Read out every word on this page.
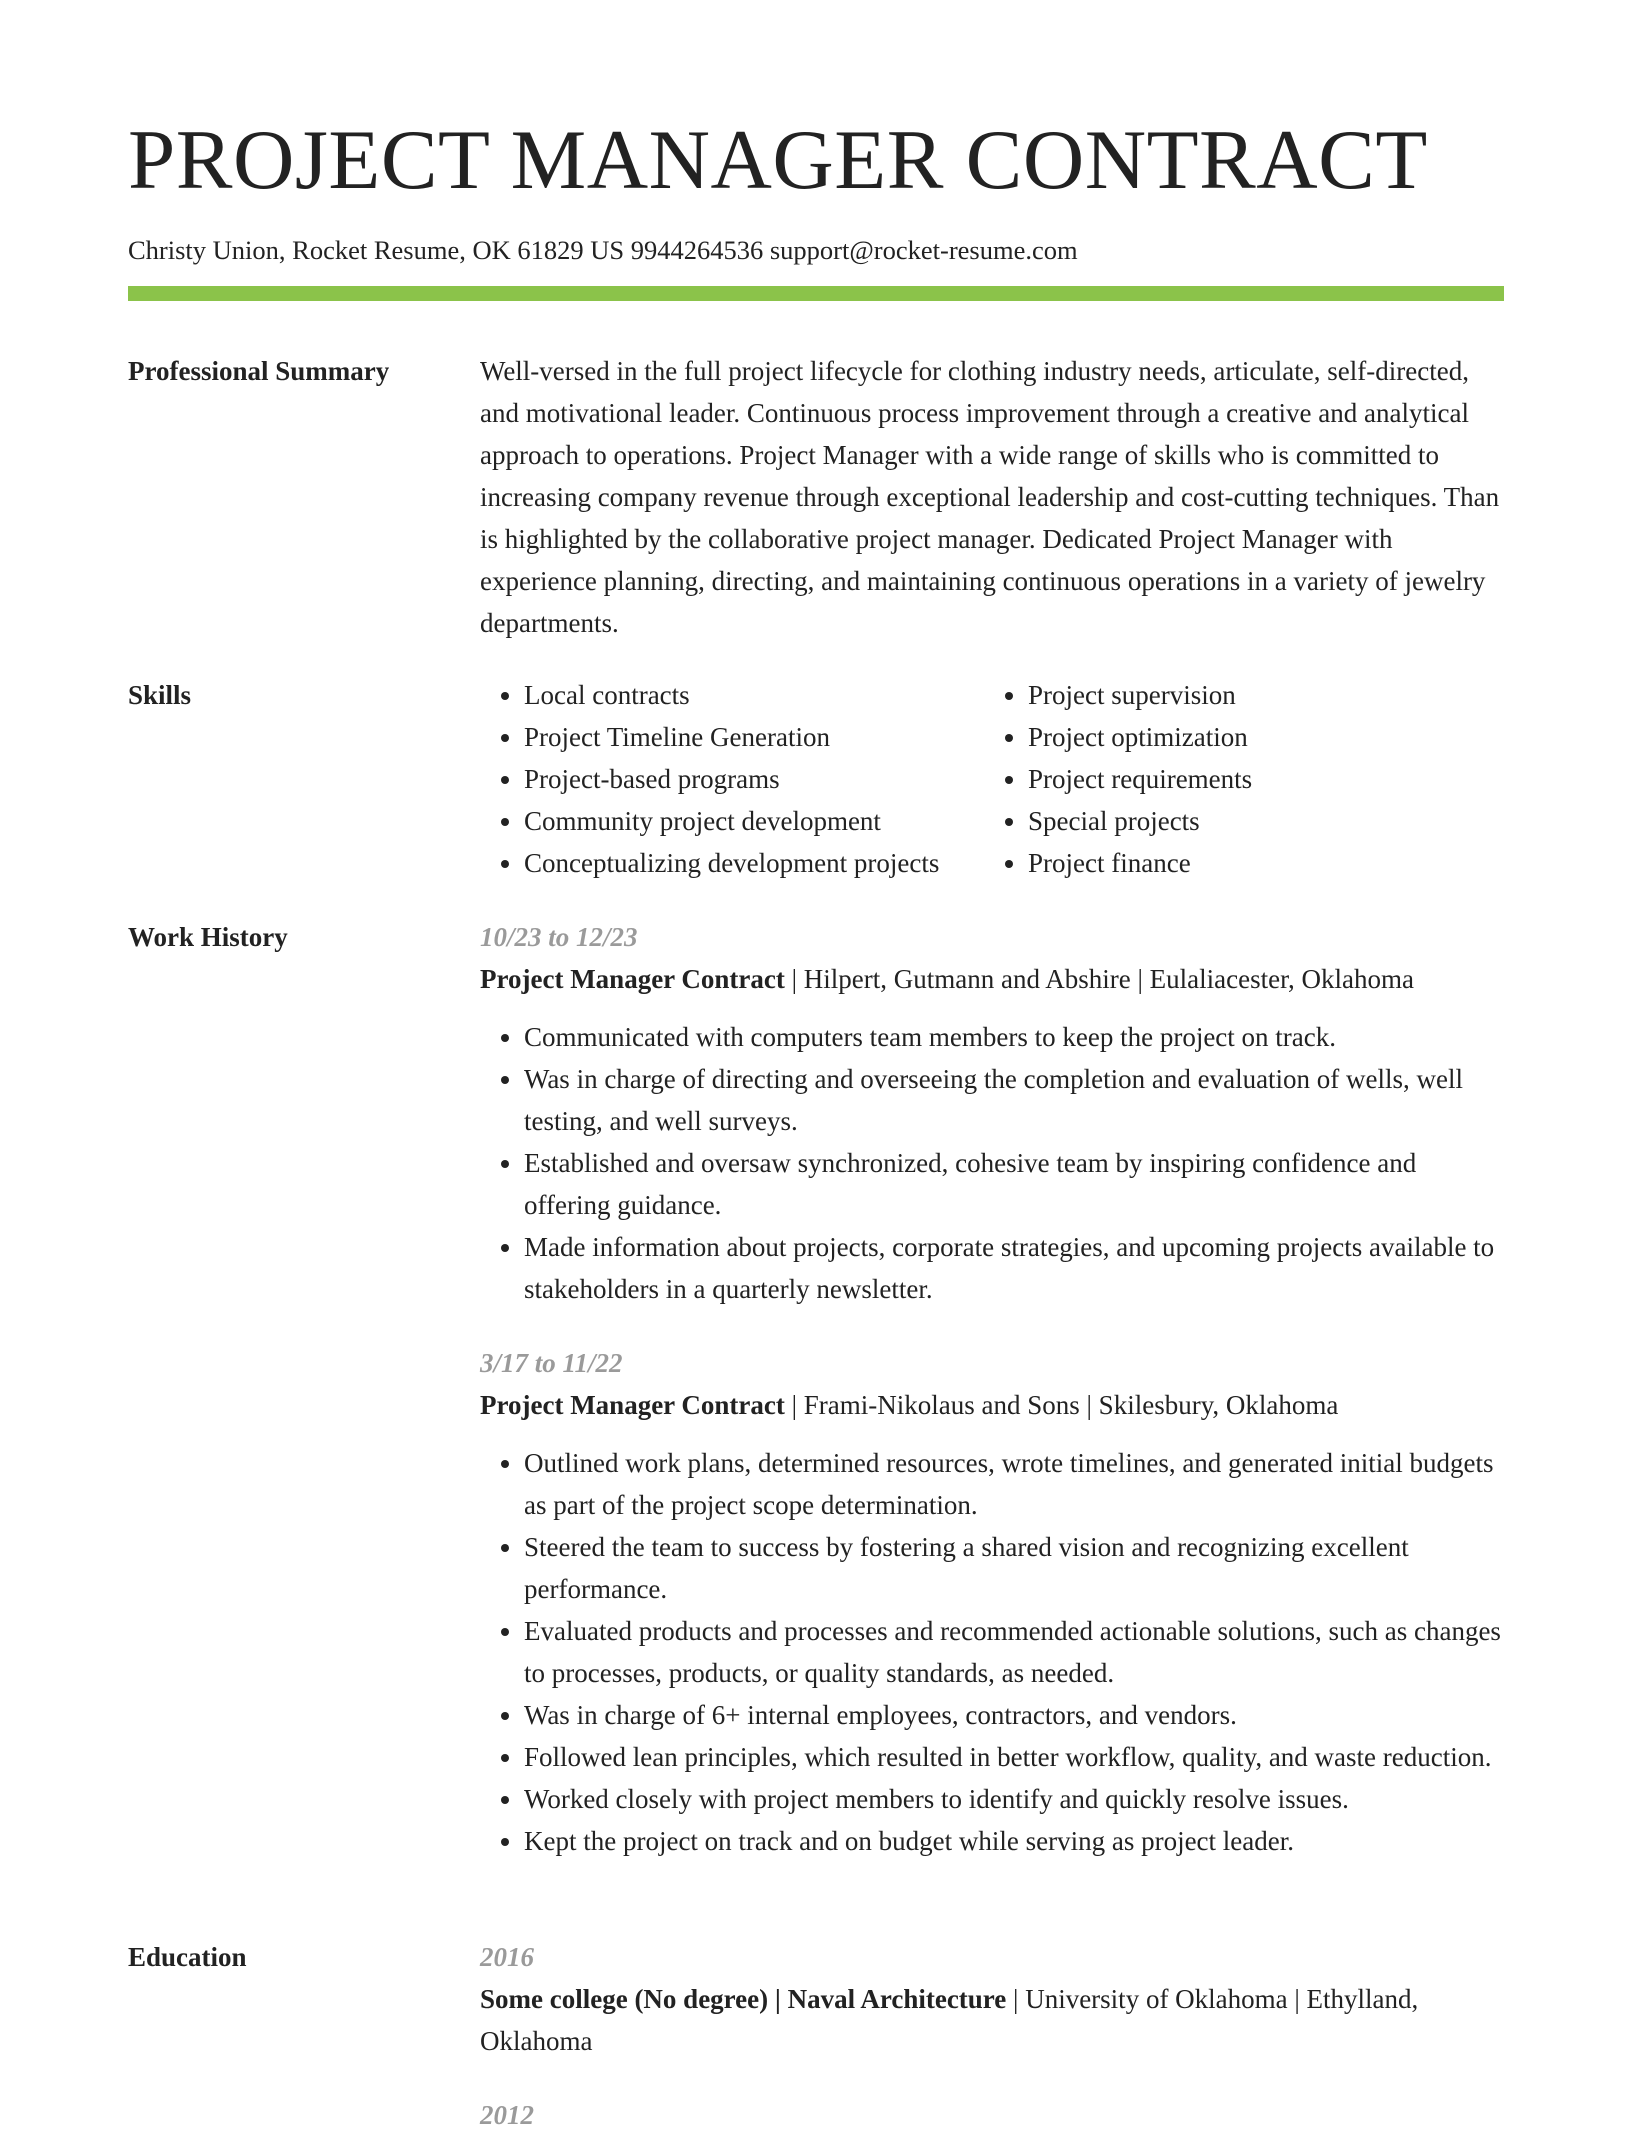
PROJECT MANAGER CONTRACT
Christy Union, Rocket Resume, OK 61829 US 9944264536 support@rocket-resume.com
Professional Summary	Well-versed in the full project lifecycle for clothing industry needs, articulate, self-directed, and motivational leader. Continuous process improvement through a creative and analytical approach to operations. Project Manager with a wide range of skills who is committed to increasing company revenue through exceptional leadership and cost-cutting techniques. Than is highlighted by the collaborative project manager. Dedicated Project Manager with experience planning, directing, and maintaining continuous operations in a variety of jewelry departments.

Skills
•	Local contracts
• Project Timeline Generation
• Project-based programs
• Community project development
• Conceptualizing development projects
• Project supervision
• Project optimization
• Project requirements
• Special projects
• Project finance
Work History	10/23 to 12/23
Project Manager Contract | Hilpert, Gutmann and Abshire | Eulaliacester, Oklahoma
• Communicated with computers team members to keep the project on track.
• Was in charge of directing and overseeing the completion and evaluation of wells, well testing, and well surveys.
• Established and oversaw synchronized, cohesive team by inspiring confidence and offering guidance.
• Made information about projects, corporate strategies, and upcoming projects available to stakeholders in a quarterly newsletter.
3/17 to 11/22
Project Manager Contract | Frami-Nikolaus and Sons | Skilesbury, Oklahoma
• Outlined work plans, determined resources, wrote timelines, and generated initial budgets as part of the project scope determination.
• Steered the team to success by fostering a shared vision and recognizing excellent performance.
• Evaluated products and processes and recommended actionable solutions, such as changes to processes, products, or quality standards, as needed.
• Was in charge of 6+ internal employees, contractors, and vendors.
• Followed lean principles, which resulted in better workflow, quality, and waste reduction.
• Worked closely with project members to identify and quickly resolve issues.
• Kept the project on track and on budget while serving as project leader.
Education	2016
Some college (No degree) | Naval Architecture | University of Oklahoma | Ethylland, Oklahoma
2012
